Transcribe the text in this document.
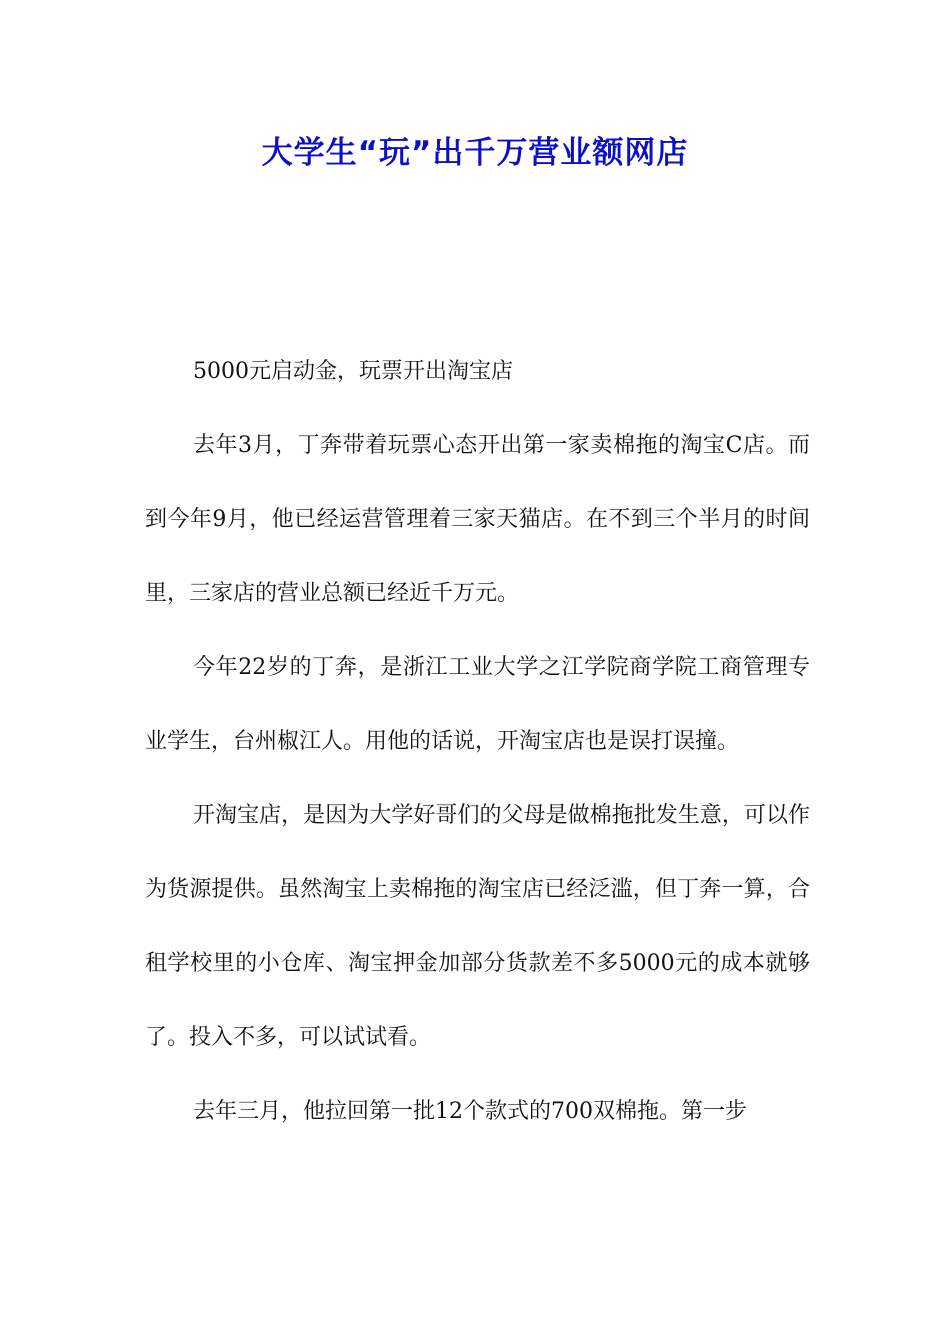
大学生“玩”出千万营业额网店

5000元启动金，玩票开出淘宝店

去年3月，丁奔带着玩票心态开出第一家卖棉拖的淘宝C店。而到今年9月，他已经运营管理着三家天猫店。在不到三个半月的时间里，三家店的营业总额已经近千万元。

今年22岁的丁奔，是浙江工业大学之江学院商学院工商管理专业学生，台州椒江人。用他的话说，开淘宝店也是误打误撞。

开淘宝店，是因为大学好哥们的父母是做棉拖批发生意，可以作为货源提供。虽然淘宝上卖棉拖的淘宝店已经泛滥，但丁奔一算，合租学校里的小仓库、淘宝押金加部分货款差不多5000元的成本就够了。投入不多，可以试试看。

去年三月，他拉回第一批12个款式的700双棉拖。第一步
